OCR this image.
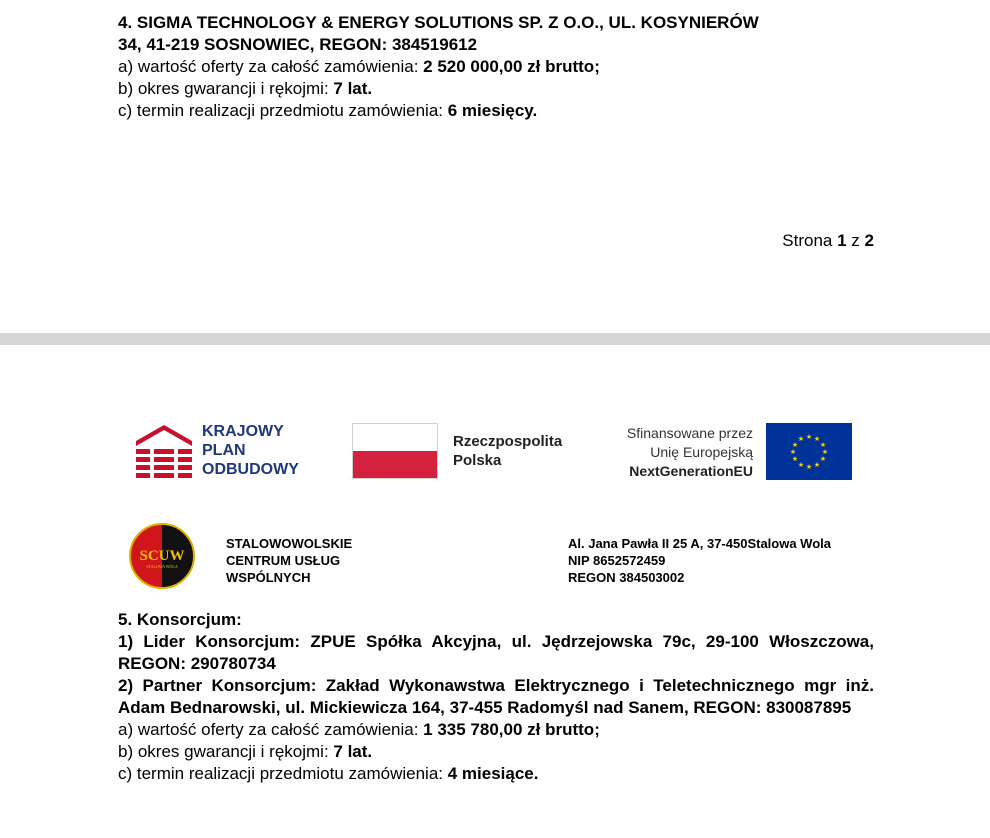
4. SIGMA TECHNOLOGY & ENERGY SOLUTIONS SP. Z O.O., UL. KOSYNIERÓW
34, 41-219 SOSNOWIEC, REGON: 384519612
a) wartość oferty za całość zamówienia: 2 520 000,00 zł brutto;
b) okres gwarancji i rękojmi: 7 lat.
c) termin realizacji przedmiotu zamówienia: 6 miesięcy.
Strona 1 z 2
KRAJOWY
PLAN
ODBUDOWY
Rzeczpospolita
Polska
Sfinansowane przez
Unię Europejską
NextGenerationEU
★ ★
★
★
★
★
★
★
★
★
★
★
SCUW
STALOWA WOLA
STALOWOWOLSKIE
CENTRUM USŁUG
WSPÓLNYCH
Al. Jana Pawła II 25 A, 37-450Stalowa Wola
NIP 8652572459
REGON 384503002
5. Konsorcjum:
1) Lider Konsorcjum: ZPUE Spółka Akcyjna, ul. Jędrzejowska 79c, 29-100 Włoszczowa, REGON: 290780734
2) Partner Konsorcjum: Zakład Wykonawstwa Elektrycznego i Teletechnicznego mgr inż. Adam Bednarowski, ul. Mickiewicza 164, 37-455 Radomyśl nad Sanem, REGON: 830087895
a) wartość oferty za całość zamówienia: 1 335 780,00 zł brutto;
b) okres gwarancji i rękojmi: 7 lat.
c) termin realizacji przedmiotu zamówienia: 4 miesiące.
